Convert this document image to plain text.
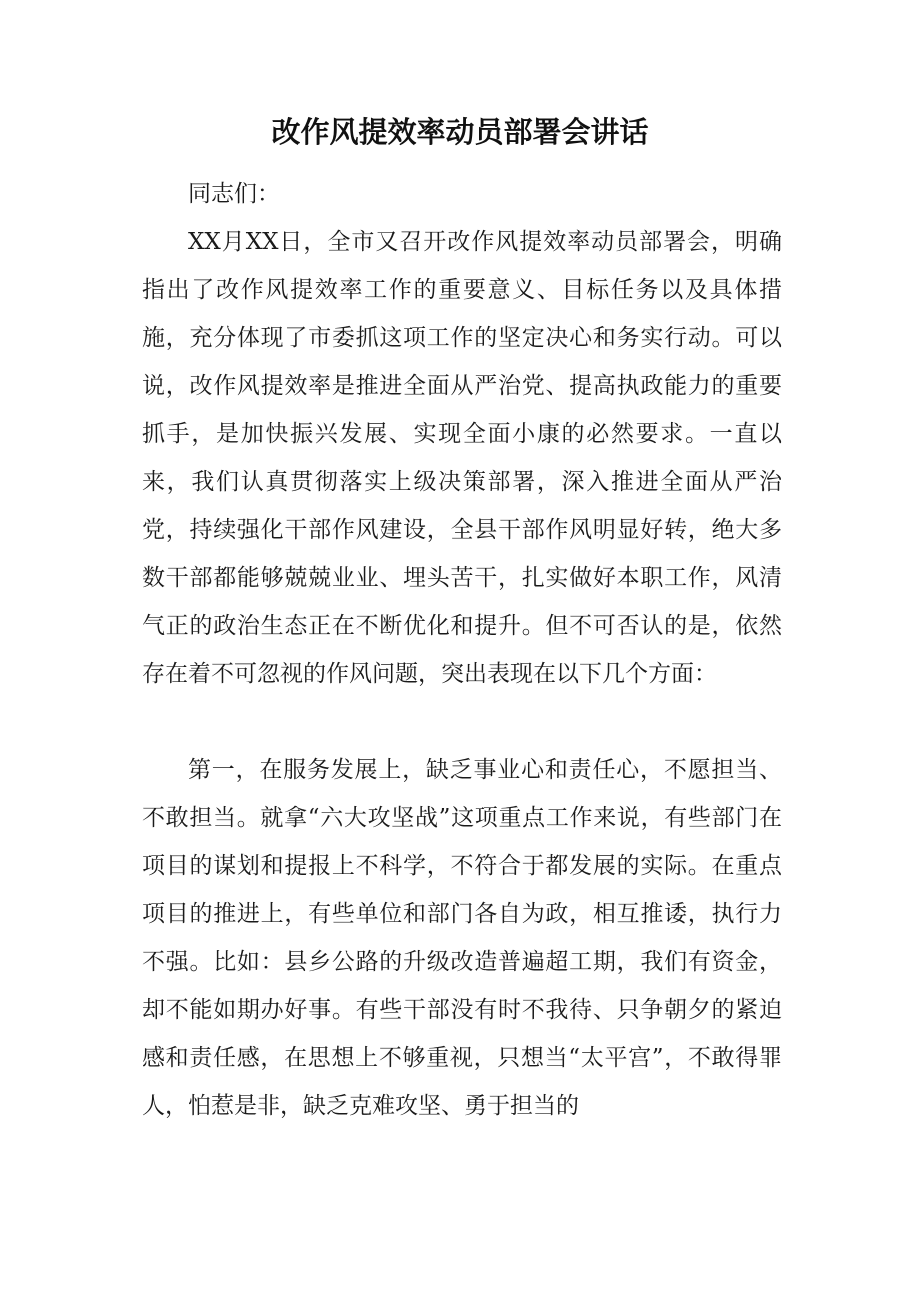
改作风提效率动员部署会讲话

同志们：

XX月XX日，全市又召开改作风提效率动员部署会，明确指出了改作风提效率工作的重要意义、目标任务以及具体措施，充分体现了市委抓这项工作的坚定决心和务实行动。可以说，改作风提效率是推进全面从严治党、提高执政能力的重要抓手，是加快振兴发展、实现全面小康的必然要求。一直以来，我们认真贯彻落实上级决策部署，深入推进全面从严治党，持续强化干部作风建设，全县干部作风明显好转，绝大多数干部都能够兢兢业业、埋头苦干，扎实做好本职工作，风清气正的政治生态正在不断优化和提升。但不可否认的是，依然存在着不可忽视的作风问题，突出表现在以下几个方面：

第一，在服务发展上，缺乏事业心和责任心，不愿担当、不敢担当。就拿“六大攻坚战”这项重点工作来说，有些部门在项目的谋划和提报上不科学，不符合于都发展的实际。在重点项目的推进上，有些单位和部门各自为政，相互推诿，执行力不强。比如：县乡公路的升级改造普遍超工期，我们有资金，却不能如期办好事。有些干部没有时不我待、只争朝夕的紧迫感和责任感，在思想上不够重视，只想当“太平宫”，不敢得罪人，怕惹是非，缺乏克难攻坚、勇于担当的
